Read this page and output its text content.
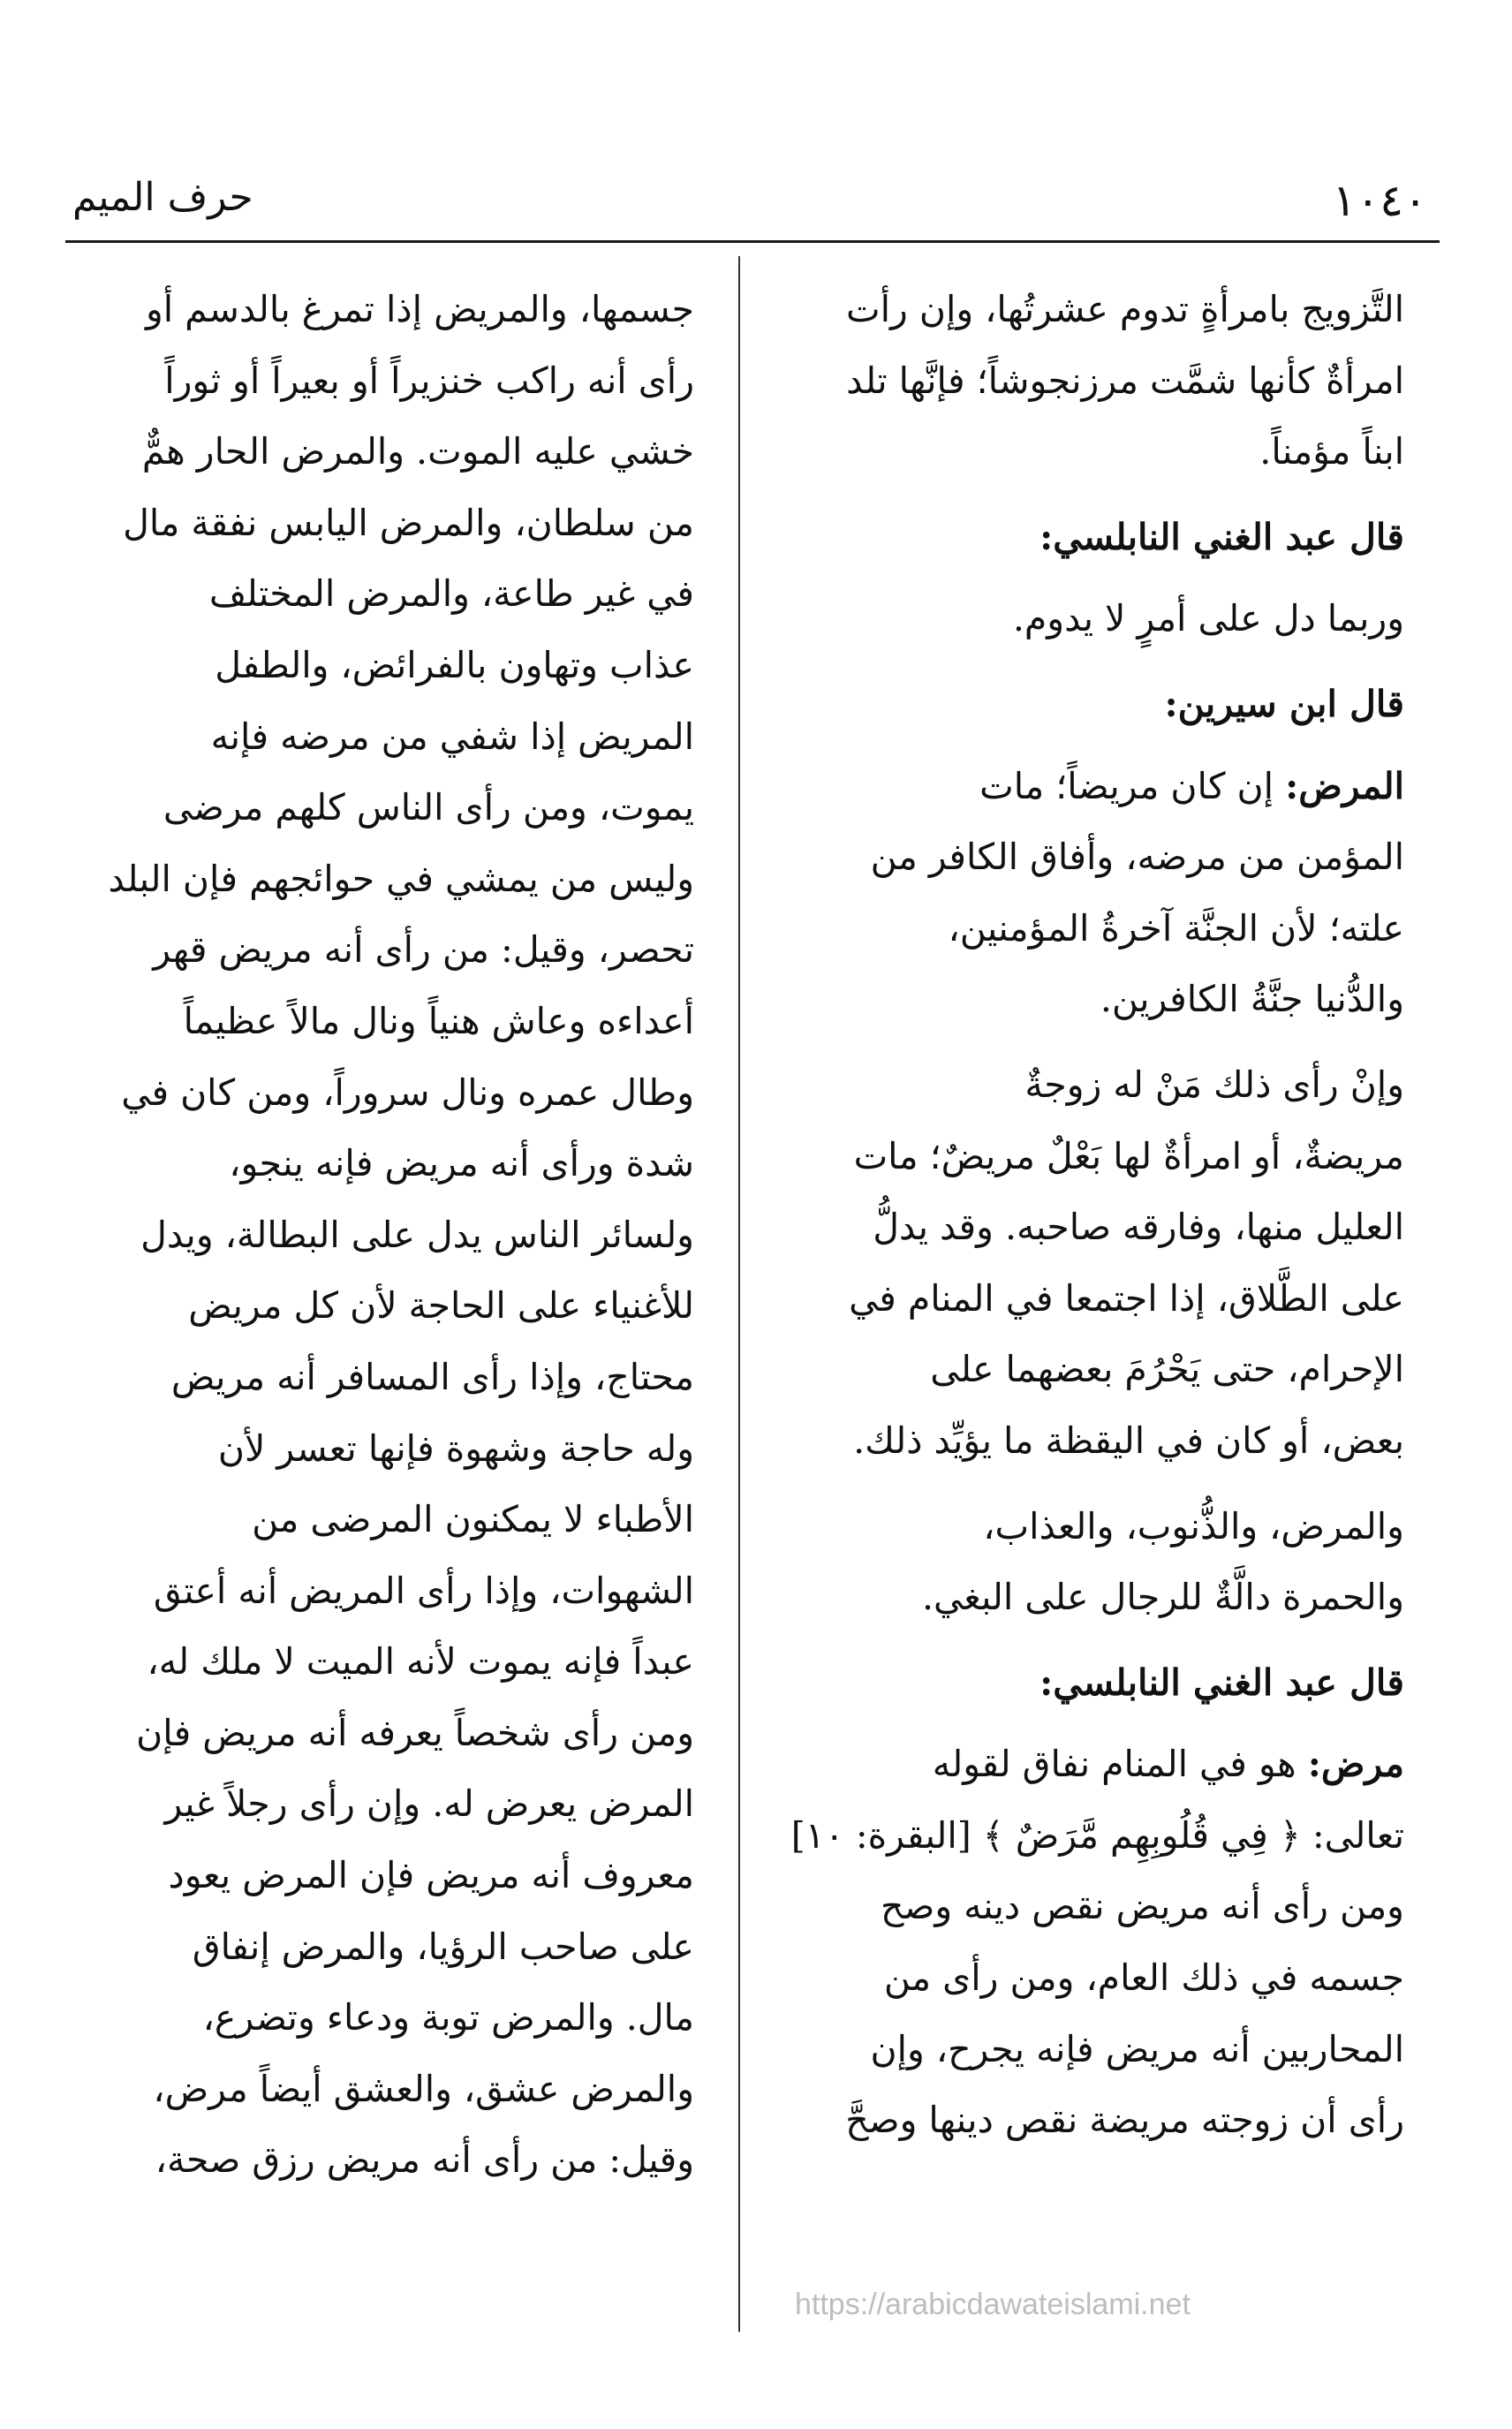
١٠٤٠
حرف الميم
التَّزويج بامرأةٍ تدوم عشرتُها، وإن رأت
امرأةٌ كأنها شمَّت مرزنجوشاً؛ فإنَّها تلد
ابناً مؤمناً.
قال عبد الغني النابلسي:
وربما دل على أمرٍ لا يدوم.
قال ابن سيرين:
المرض: إن كان مريضاً؛ مات
المؤمن من مرضه، وأفاق الكافر من
علته؛ لأن الجنَّة آخرةُ المؤمنين،
والدُّنيا جنَّةُ الكافرين.
وإنْ رأى ذلك مَنْ له زوجةٌ
مريضةٌ، أو امرأةٌ لها بَعْلٌ مريضٌ؛ مات
العليل منها، وفارقه صاحبه. وقد يدلُّ
على الطَّلاق، إذا اجتمعا في المنام في
الإحرام، حتى يَحْرُمَ بعضهما على
بعض، أو كان في اليقظة ما يؤيِّد ذلك.
والمرض، والذُّنوب، والعذاب،
والحمرة دالَّةٌ للرجال على البغي.
قال عبد الغني النابلسي:
مرض: هو في المنام نفاق لقوله
تعالى: ﴿ فِي قُلُوبِهِم مَّرَضٌ ﴾ [البقرة: ١٠]
ومن رأى أنه مريض نقص دينه وصح
جسمه في ذلك العام، ومن رأى من
المحاربين أنه مريض فإنه يجرح، وإن
رأى أن زوجته مريضة نقص دينها وصحَّ
جسمها، والمريض إذا تمرغ بالدسم أو
رأى أنه راكب خنزيراً أو بعيراً أو ثوراً
خشي عليه الموت. والمرض الحار همٌّ
من سلطان، والمرض اليابس نفقة مال
في غير طاعة، والمرض المختلف
عذاب وتهاون بالفرائض، والطفل
المريض إذا شفي من مرضه فإنه
يموت، ومن رأى الناس كلهم مرضى
وليس من يمشي في حوائجهم فإن البلد
تحصر، وقيل: من رأى أنه مريض قهر
أعداءه وعاش هنياً ونال مالاً عظيماً
وطال عمره ونال سروراً، ومن كان في
شدة ورأى أنه مريض فإنه ينجو،
ولسائر الناس يدل على البطالة، ويدل
للأغنياء على الحاجة لأن كل مريض
محتاج، وإذا رأى المسافر أنه مريض
وله حاجة وشهوة فإنها تعسر لأن
الأطباء لا يمكنون المرضى من
الشهوات، وإذا رأى المريض أنه أعتق
عبداً فإنه يموت لأنه الميت لا ملك له،
ومن رأى شخصاً يعرفه أنه مريض فإن
المرض يعرض له. وإن رأى رجلاً غير
معروف أنه مريض فإن المرض يعود
على صاحب الرؤيا، والمرض إنفاق
مال. والمرض توبة ودعاء وتضرع،
والمرض عشق، والعشق أيضاً مرض،
وقيل: من رأى أنه مريض رزق صحة،
https://arabicdawateislami.net
